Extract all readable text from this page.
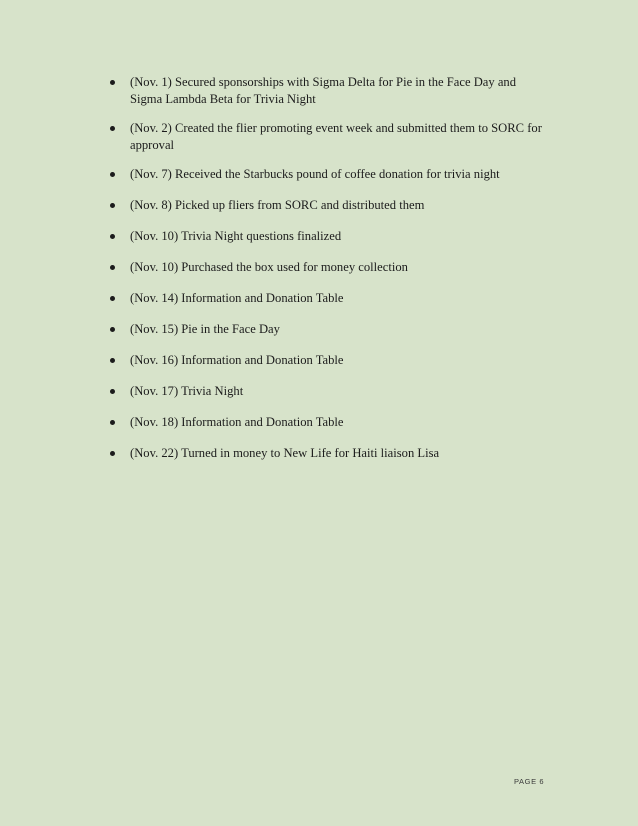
(Nov. 1) Secured sponsorships with Sigma Delta for Pie in the Face Day and Sigma Lambda Beta for Trivia Night
(Nov. 2) Created the flier promoting event week and submitted them to SORC for approval
(Nov. 7) Received the Starbucks pound of coffee donation for trivia night
(Nov. 8) Picked up fliers from SORC and distributed them
(Nov. 10) Trivia Night questions finalized
(Nov. 10) Purchased the box used for money collection
(Nov. 14) Information and Donation Table
(Nov. 15) Pie in the Face Day
(Nov. 16) Information and Donation Table
(Nov. 17) Trivia Night
(Nov. 18) Information and Donation Table
(Nov. 22) Turned in money to New Life for Haiti liaison Lisa
PAGE 6
